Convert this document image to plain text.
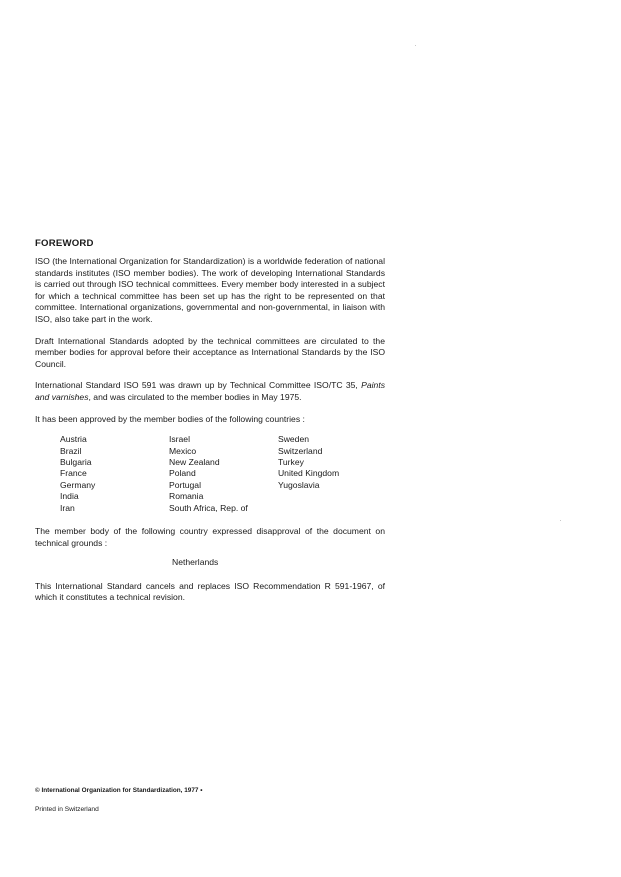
FOREWORD

ISO (the International Organization for Standardization) is a worldwide federation of national standards institutes (ISO member bodies). The work of developing International Standards is carried out through ISO technical committees. Every member body interested in a subject for which a technical committee has been set up has the right to be represented on that committee. International organizations, governmental and non-governmental, in liaison with ISO, also take part in the work.

Draft International Standards adopted by the technical committees are circulated to the member bodies for approval before their acceptance as International Standards by the ISO Council.

International Standard ISO 591 was drawn up by Technical Committee ISO/TC 35, Paints and varnishes, and was circulated to the member bodies in May 1975.

It has been approved by the member bodies of the following countries :

Austria
Brazil
Bulgaria
France
Germany
India
Iran
Israel
Mexico
New Zealand
Poland
Portugal
Romania
South Africa, Rep. of
Sweden
Switzerland
Turkey
United Kingdom
Yugoslavia

The member body of the following country expressed disapproval of the document on technical grounds :

Netherlands

This International Standard cancels and replaces ISO Recommendation R 591-1967, of which it constitutes a technical revision.

© International Organization for Standardization, 1977 •
Printed in Switzerland
